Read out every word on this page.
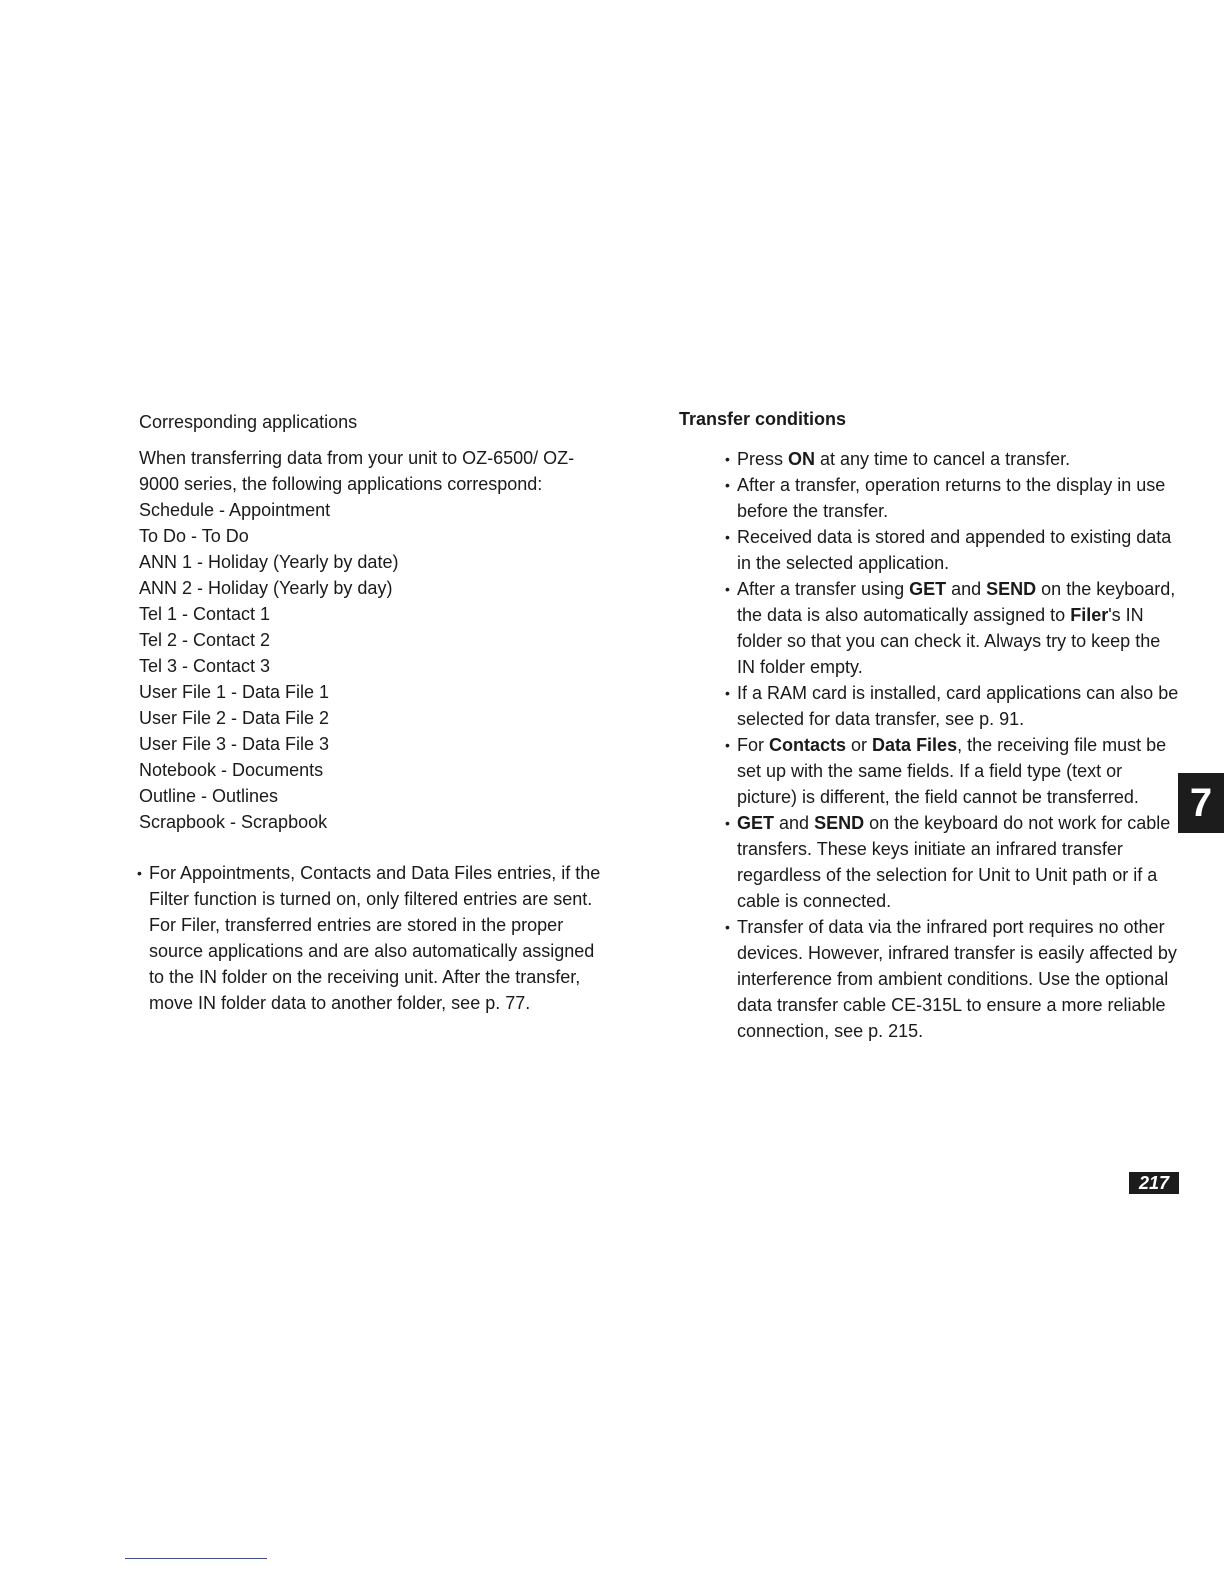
Corresponding applications

When transferring data from your unit to OZ-6500/ OZ-9000 series, the following applications correspond:

Schedule - Appointment
To Do - To Do
ANN 1 - Holiday (Yearly by date)
ANN 2 - Holiday (Yearly by day)
Tel 1 - Contact 1
Tel 2 - Contact 2
Tel 3 - Contact 3
User File 1 - Data File 1
User File 2 - Data File 2
User File 3 - Data File 3
Notebook - Documents
Outline - Outlines
Scrapbook - Scrapbook
• For Appointments, Contacts and Data Files entries, if the Filter function is turned on, only filtered entries are sent. For Filer, transferred entries are stored in the proper source applications and are also automatically assigned to the IN folder on the receiving unit. After the transfer, move IN folder data to another folder, see p. 77.

Transfer conditions

• Press ON at any time to cancel a transfer.
• After a transfer, operation returns to the display in use before the transfer.
• Received data is stored and appended to existing data in the selected application.
• After a transfer using GET and SEND on the keyboard, the data is also automatically assigned to Filer's IN folder so that you can check it. Always try to keep the IN folder empty.
• If a RAM card is installed, card applications can also be selected for data transfer, see p. 91.
• For Contacts or Data Files, the receiving file must be set up with the same fields. If a field type (text or picture) is different, the field cannot be transferred.
• GET and SEND on the keyboard do not work for cable transfers. These keys initiate an infrared transfer regardless of the selection for Unit to Unit path or if a cable is connected.
• Transfer of data via the infrared port requires no other devices. However, infrared transfer is easily affected by interference from ambient conditions. Use the optional data transfer cable CE-315L to ensure a more reliable connection, see p. 215.
7
217
